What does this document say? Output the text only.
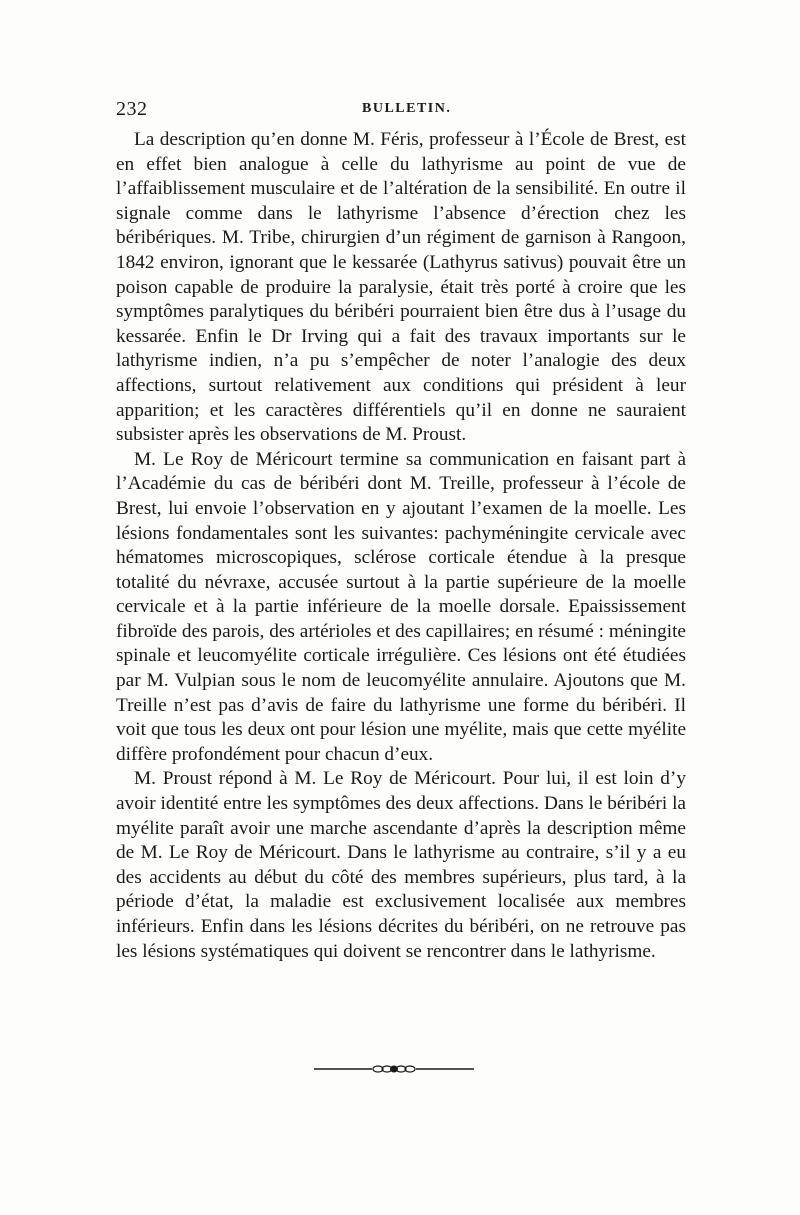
232	BULLETIN.

La description qu’en donne M. Féris, professeur à l’École de Brest, est en effet bien analogue à celle du lathyrisme au point de vue de l’affaiblissement musculaire et de l’altération de la sensibilité. En outre il signale comme dans le lathyrisme l’absence d’érection chez les béribériques. M. Tribe, chirurgien d’un régiment de garnison à Rangoon, 1842 environ, ignorant que le kessarée (Lathyrus sativus) pouvait être un poison capable de produire la paralysie, était très porté à croire que les symptômes paralytiques du béribéri pourraient bien être dus à l’usage du kessarée. Enfin le Dr Irving qui a fait des travaux importants sur le lathyrisme indien, n’a pu s’empêcher de noter l’analogie des deux affections, surtout relativement aux conditions qui président à leur apparition; et les caractères différentiels qu’il en donne ne sauraient subsister après les observations de M. Proust.

M. Le Roy de Méricourt termine sa communication en faisant part à l’Académie du cas de béribéri dont M. Treille, professeur à l’école de Brest, lui envoie l’observation en y ajoutant l’examen de la moelle. Les lésions fondamentales sont les suivantes: pachyméningite cervicale avec hématomes microscopiques, sclérose corticale étendue à la presque totalité du névraxe, accusée surtout à la partie supérieure de la moelle cervicale et à la partie inférieure de la moelle dorsale. Epaississement fibroïde des parois, des artérioles et des capillaires; en résumé : méningite spinale et leucomyélite corticale irrégulière. Ces lésions ont été étudiées par M. Vulpian sous le nom de leucomyélite annulaire. Ajoutons que M. Treille n’est pas d’avis de faire du lathyrisme une forme du béribéri. Il voit que tous les deux ont pour lésion une myélite, mais que cette myélite diffère profondément pour chacun d’eux.

M. Proust répond à M. Le Roy de Méricourt. Pour lui, il est loin d’y avoir identité entre les symptômes des deux affections. Dans le béribéri la myélite paraît avoir une marche ascendante d’après la description même de M. Le Roy de Méricourt. Dans le lathyrisme au contraire, s’il y a eu des accidents au début du côté des membres supérieurs, plus tard, à la période d’état, la maladie est exclusivement localisée aux membres inférieurs. Enfin dans les lésions décrites du béribéri, on ne retrouve pas les lésions systématiques qui doivent se rencontrer dans le lathyrisme.
